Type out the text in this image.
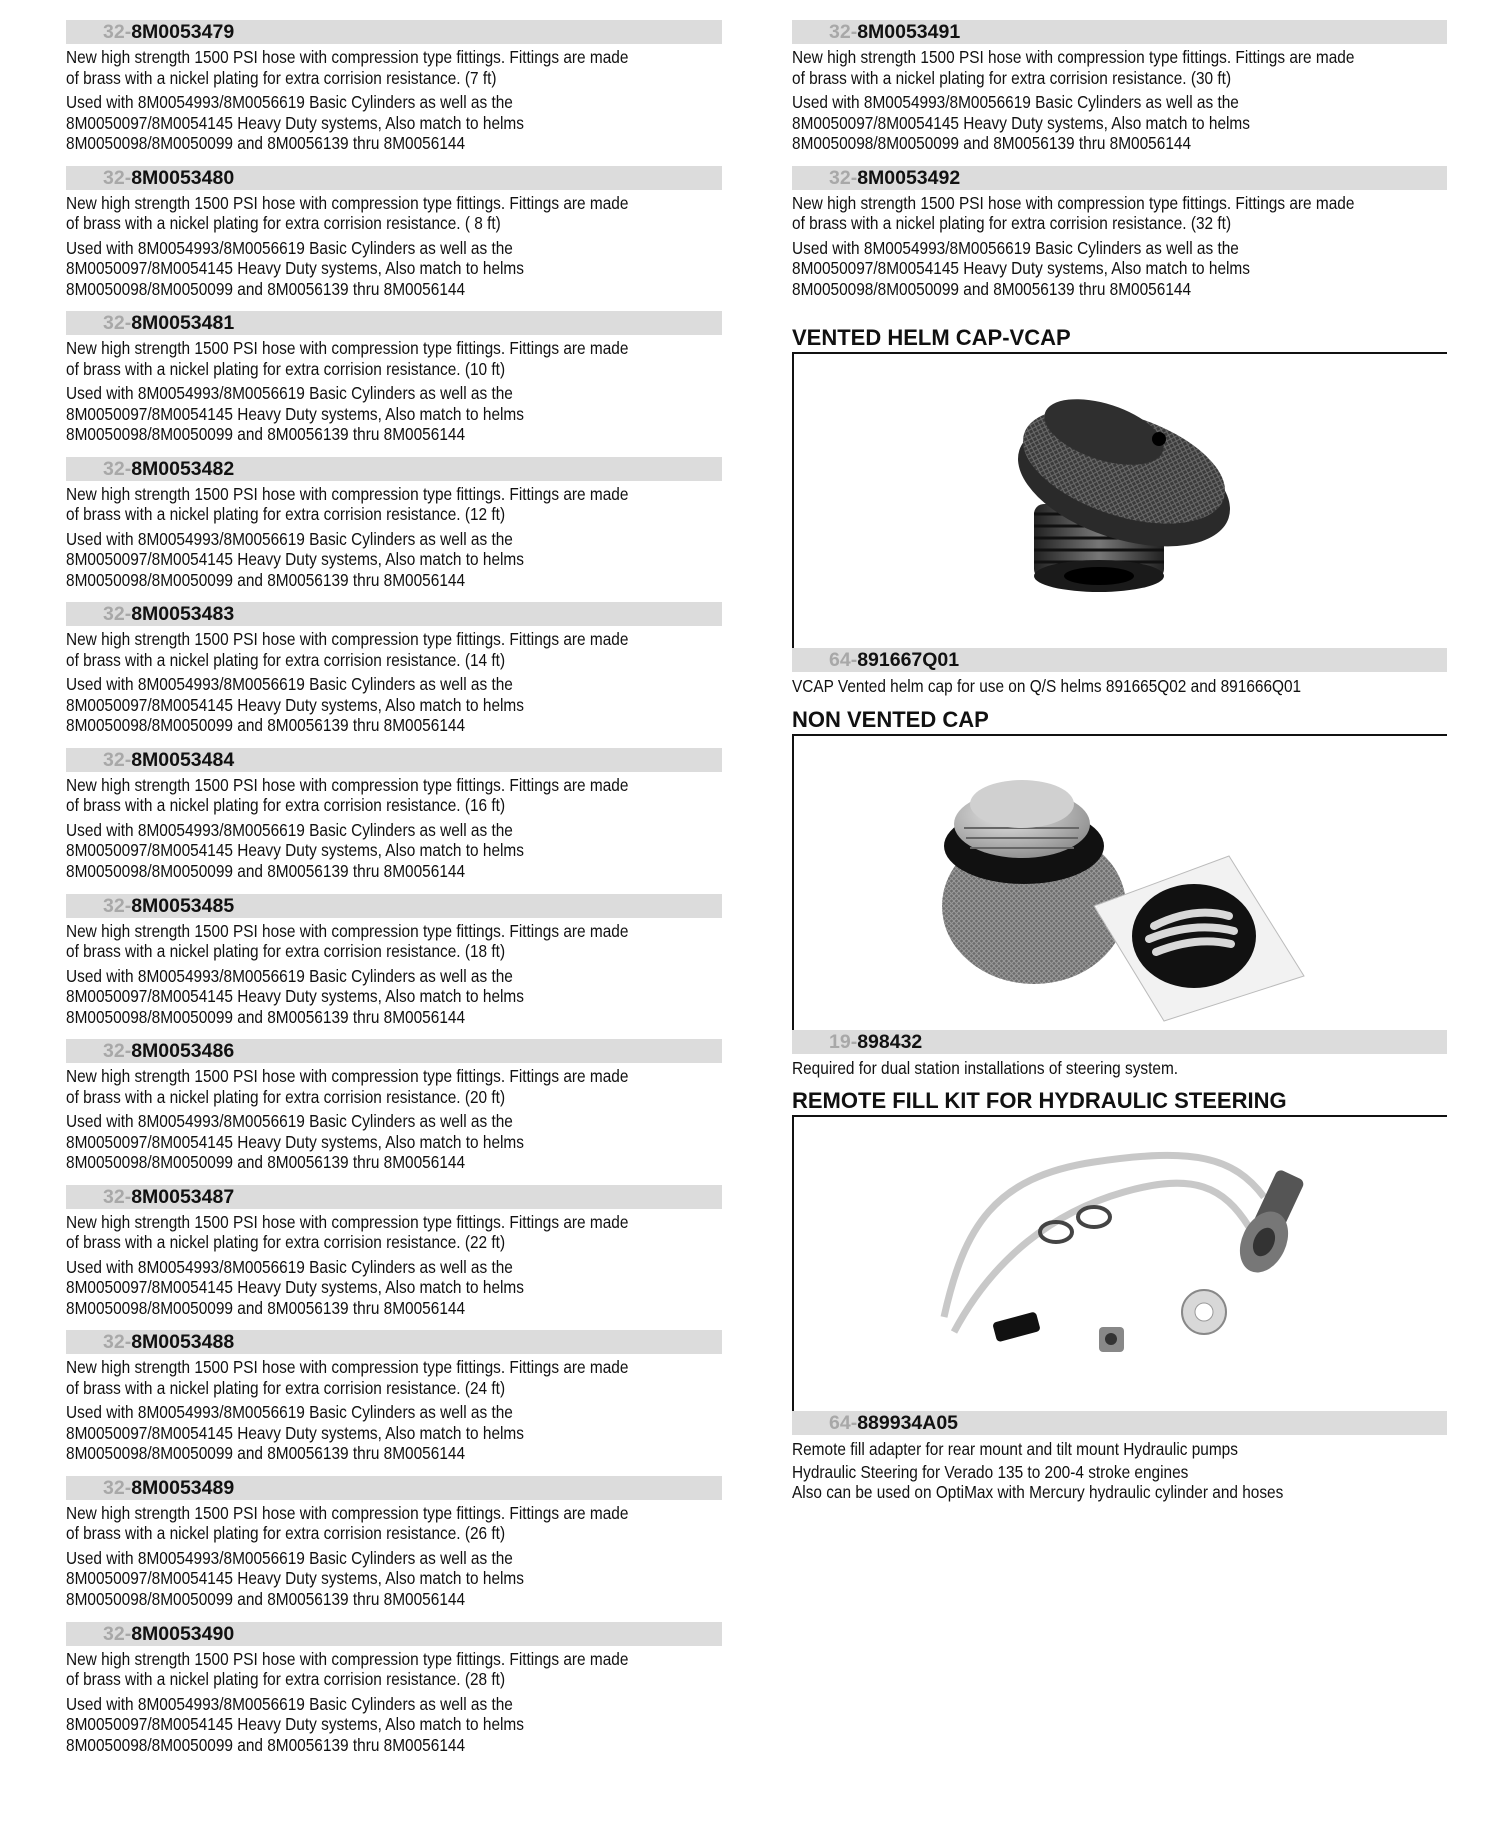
32-8M0053479
New high strength 1500 PSI hose with compression type fittings. Fittings are made
of brass with a nickel plating for extra corrision resistance. (7 ft)
Used with 8M0054993/8M0056619 Basic Cylinders as well as the
8M0050097/8M0054145 Heavy Duty systems, Also match to helms
8M0050098/8M0050099 and 8M0056139 thru 8M0056144
32-8M0053480
New high strength 1500 PSI hose with compression type fittings. Fittings are made
of brass with a nickel plating for extra corrision resistance. ( 8 ft)
Used with 8M0054993/8M0056619 Basic Cylinders as well as the
8M0050097/8M0054145 Heavy Duty systems, Also match to helms
8M0050098/8M0050099 and 8M0056139 thru 8M0056144
32-8M0053481
New high strength 1500 PSI hose with compression type fittings. Fittings are made
of brass with a nickel plating for extra corrision resistance. (10 ft)
Used with 8M0054993/8M0056619 Basic Cylinders as well as the
8M0050097/8M0054145 Heavy Duty systems, Also match to helms
8M0050098/8M0050099 and 8M0056139 thru 8M0056144
32-8M0053482
New high strength 1500 PSI hose with compression type fittings. Fittings are made
of brass with a nickel plating for extra corrision resistance. (12 ft)
Used with 8M0054993/8M0056619 Basic Cylinders as well as the
8M0050097/8M0054145 Heavy Duty systems, Also match to helms
8M0050098/8M0050099 and 8M0056139 thru 8M0056144
32-8M0053483
New high strength 1500 PSI hose with compression type fittings. Fittings are made
of brass with a nickel plating for extra corrision resistance. (14 ft)
Used with 8M0054993/8M0056619 Basic Cylinders as well as the
8M0050097/8M0054145 Heavy Duty systems, Also match to helms
8M0050098/8M0050099 and 8M0056139 thru 8M0056144
32-8M0053484
New high strength 1500 PSI hose with compression type fittings. Fittings are made
of brass with a nickel plating for extra corrision resistance. (16 ft)
Used with 8M0054993/8M0056619 Basic Cylinders as well as the
8M0050097/8M0054145 Heavy Duty systems, Also match to helms
8M0050098/8M0050099 and 8M0056139 thru 8M0056144
32-8M0053485
New high strength 1500 PSI hose with compression type fittings. Fittings are made
of brass with a nickel plating for extra corrision resistance. (18 ft)
Used with 8M0054993/8M0056619 Basic Cylinders as well as the
8M0050097/8M0054145 Heavy Duty systems, Also match to helms
8M0050098/8M0050099 and 8M0056139 thru 8M0056144
32-8M0053486
New high strength 1500 PSI hose with compression type fittings. Fittings are made
of brass with a nickel plating for extra corrision resistance. (20 ft)
Used with 8M0054993/8M0056619 Basic Cylinders as well as the
8M0050097/8M0054145 Heavy Duty systems, Also match to helms
8M0050098/8M0050099 and 8M0056139 thru 8M0056144
32-8M0053487
New high strength 1500 PSI hose with compression type fittings. Fittings are made
of brass with a nickel plating for extra corrision resistance. (22 ft)
Used with 8M0054993/8M0056619 Basic Cylinders as well as the
8M0050097/8M0054145 Heavy Duty systems, Also match to helms
8M0050098/8M0050099 and 8M0056139 thru 8M0056144
32-8M0053488
New high strength 1500 PSI hose with compression type fittings. Fittings are made
of brass with a nickel plating for extra corrision resistance. (24 ft)
Used with 8M0054993/8M0056619 Basic Cylinders as well as the
8M0050097/8M0054145 Heavy Duty systems, Also match to helms
8M0050098/8M0050099 and 8M0056139 thru 8M0056144
32-8M0053489
New high strength 1500 PSI hose with compression type fittings. Fittings are made
of brass with a nickel plating for extra corrision resistance. (26 ft)
Used with 8M0054993/8M0056619 Basic Cylinders as well as the
8M0050097/8M0054145 Heavy Duty systems, Also match to helms
8M0050098/8M0050099 and 8M0056139 thru 8M0056144
32-8M0053490
New high strength 1500 PSI hose with compression type fittings. Fittings are made
of brass with a nickel plating for extra corrision resistance. (28 ft)
Used with 8M0054993/8M0056619 Basic Cylinders as well as the
8M0050097/8M0054145 Heavy Duty systems, Also match to helms
8M0050098/8M0050099 and 8M0056139 thru 8M0056144
32-8M0053491
New high strength 1500 PSI hose with compression type fittings. Fittings are made
of brass with a nickel plating for extra corrision resistance. (30 ft)
Used with 8M0054993/8M0056619 Basic Cylinders as well as the
8M0050097/8M0054145 Heavy Duty systems, Also match to helms
8M0050098/8M0050099 and 8M0056139 thru 8M0056144
32-8M0053492
New high strength 1500 PSI hose with compression type fittings. Fittings are made
of brass with a nickel plating for extra corrision resistance. (32 ft)
Used with 8M0054993/8M0056619 Basic Cylinders as well as the
8M0050097/8M0054145 Heavy Duty systems, Also match to helms
8M0050098/8M0050099 and 8M0056139 thru 8M0056144
VENTED HELM CAP-VCAP
64-891667Q01
VCAP Vented helm cap for use on Q/S helms 891665Q02 and 891666Q01
NON VENTED CAP
19-898432
Required for dual station installations of steering system.
REMOTE FILL KIT FOR HYDRAULIC STEERING
64-889934A05
Remote fill adapter for rear mount and tilt mount Hydraulic pumps
Hydraulic Steering for Verado 135 to 200-4 stroke engines
Also can be used on OptiMax with Mercury hydraulic cylinder and hoses
